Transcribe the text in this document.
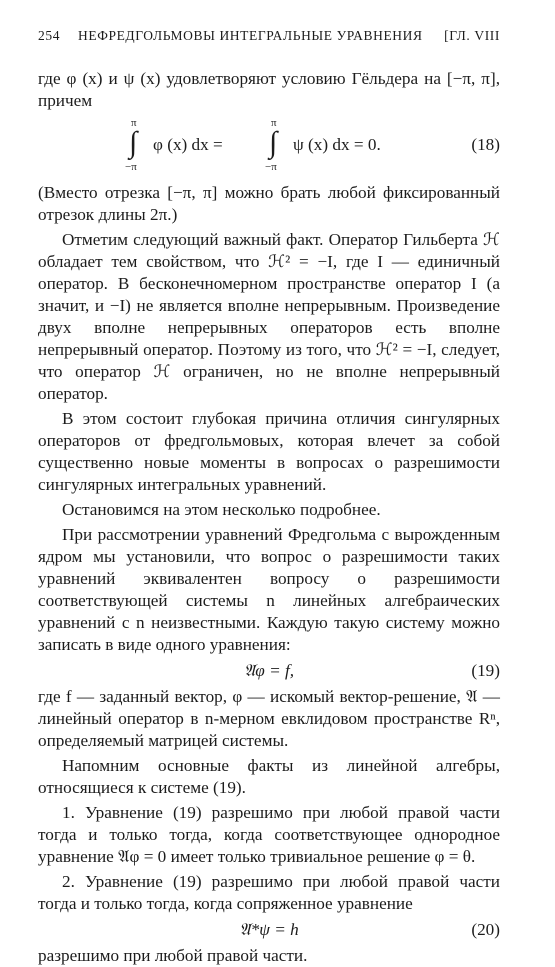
254 НЕФРЕДГОЛЬМОВЫ ИНТЕГРАЛЬНЫЕ УРАВНЕНИЯ [ГЛ. VIII

где φ (x) и ψ (x) удовлетворяют условию Гёльдера на [−π, π], причем

π
∫
−π
φ (x) dx =
π
∫
−π
ψ (x) dx = 0.	(18)

(Вместо отрезка [−π, π] можно брать любой фиксированный отрезок длины 2π.)

Отметим следующий важный факт. Оператор Гильберта ℋ обладает тем свойством, что ℋ² = −I, где I — единичный оператор. В бесконечномерном пространстве оператор I (а значит, и −I) не является вполне непрерывным. Произведение двух вполне непрерывных операторов есть вполне непрерывный оператор. Поэтому из того, что ℋ² = −I, следует, что оператор ℋ ограничен, но не вполне непрерывный оператор.

В этом состоит глубокая причина отличия сингулярных операторов от фредгольмовых, которая влечет за собой существенно новые моменты в вопросах о разрешимости сингулярных интегральных уравнений.

Остановимся на этом несколько подробнее.

При рассмотрении уравнений Фредгольма с вырожденным ядром мы установили, что вопрос о разрешимости таких уравнений эквивалентен вопросу о разрешимости соответствующей системы n линейных алгебраических уравнений с n неизвестными. Каждую такую систему можно записать в виде одного уравнения:

𝔄φ = f,	(19)

где f — заданный вектор, φ — искомый вектор-решение, 𝔄 — линейный оператор в n-мерном евклидовом пространстве Rⁿ, определяемый матрицей системы.

Напомним основные факты из линейной алгебры, относящиеся к системе (19).

1. Уравнение (19) разрешимо при любой правой части тогда и только тогда, когда соответствующее однородное уравнение 𝔄φ = 0 имеет только тривиальное решение φ = θ.

2. Уравнение (19) разрешимо при любой правой части тогда и только тогда, когда сопряженное уравнение

𝔄*ψ = h	(20)

разрешимо при любой правой части.
